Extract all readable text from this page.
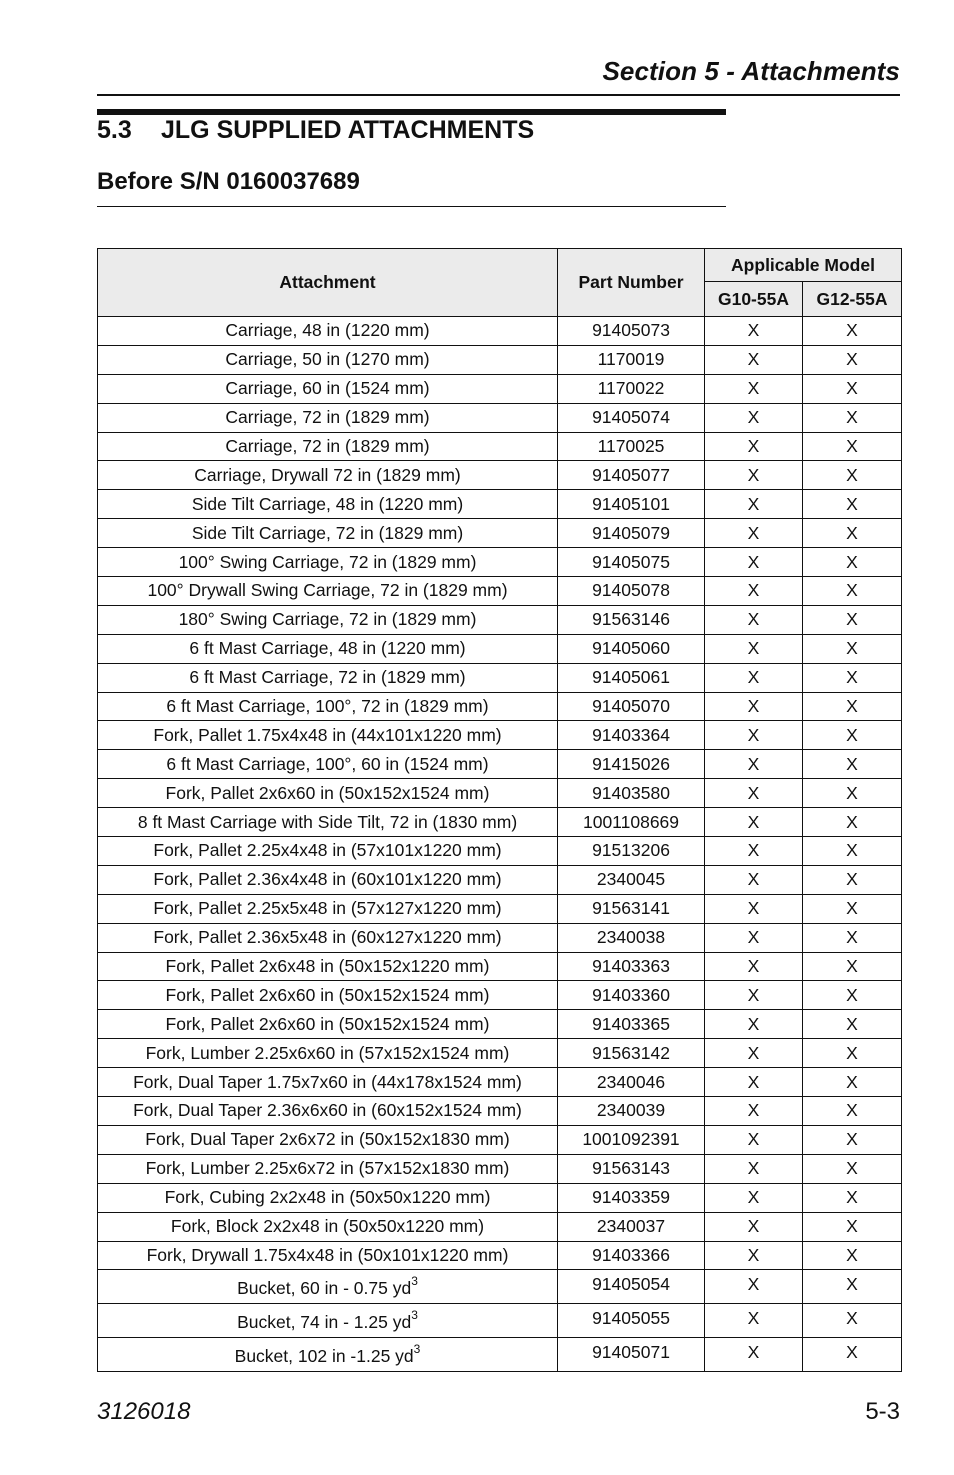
Section 5 - Attachments
5.3 JLG SUPPLIED ATTACHMENTS
Before S/N 0160037689
Attachment	Part Number	Applicable Model	
		G10-55A	G12-55A
Carriage, 48 in (1220 mm)	91405073	X	X
Carriage, 50 in (1270 mm)	1170019	X	X
Carriage, 60 in (1524 mm)	1170022	X	X
Carriage, 72 in (1829 mm)	91405074	X	X
Carriage, 72 in (1829 mm)	1170025	X	X
Carriage, Drywall 72 in (1829 mm)	91405077	X	X
Side Tilt Carriage, 48 in (1220 mm)	91405101	X	X
Side Tilt Carriage, 72 in (1829 mm)	91405079	X	X
100° Swing Carriage, 72 in (1829 mm)	91405075	X	X
100° Drywall Swing Carriage, 72 in (1829 mm)	91405078	X	X
180° Swing Carriage, 72 in (1829 mm)	91563146	X	X
6 ft Mast Carriage, 48 in (1220 mm)	91405060	X	X
6 ft Mast Carriage, 72 in (1829 mm)	91405061	X	X
6 ft Mast Carriage, 100°, 72 in (1829 mm)	91405070	X	X
Fork, Pallet 1.75x4x48 in (44x101x1220 mm)	91403364	X	X
6 ft Mast Carriage, 100°, 60 in (1524 mm)	91415026	X	X
Fork, Pallet 2x6x60 in (50x152x1524 mm)	91403580	X	X
8 ft Mast Carriage with Side Tilt, 72 in (1830 mm)	1001108669	X	X
Fork, Pallet 2.25x4x48 in (57x101x1220 mm)	91513206	X	X
Fork, Pallet 2.36x4x48 in (60x101x1220 mm)	2340045	X	X
Fork, Pallet 2.25x5x48 in (57x127x1220 mm)	91563141	X	X
Fork, Pallet 2.36x5x48 in (60x127x1220 mm)	2340038	X	X
Fork, Pallet 2x6x48 in (50x152x1220 mm)	91403363	X	X
Fork, Pallet 2x6x60 in (50x152x1524 mm)	91403360	X	X
Fork, Pallet 2x6x60 in (50x152x1524 mm)	91403365	X	X
Fork, Lumber 2.25x6x60 in (57x152x1524 mm)	91563142	X	X
Fork, Dual Taper 1.75x7x60 in (44x178x1524 mm)	2340046	X	X
Fork, Dual Taper 2.36x6x60 in (60x152x1524 mm)	2340039	X	X
Fork, Dual Taper 2x6x72 in (50x152x1830 mm)	1001092391	X	X
Fork, Lumber 2.25x6x72 in (57x152x1830 mm)	91563143	X	X
Fork, Cubing 2x2x48 in (50x50x1220 mm)	91403359	X	X
Fork, Block 2x2x48 in (50x50x1220 mm)	2340037	X	X
Fork, Drywall 1.75x4x48 in (50x101x1220 mm)	91403366	X	X
Bucket, 60 in - 0.75 $yd^3$	91405054	X	X
Bucket, 74 in - 1.25 $yd^3$	91405055	X	X
Bucket, 102 in -1.25 $yd^3$	91405071	X	X
3126018	5-3
